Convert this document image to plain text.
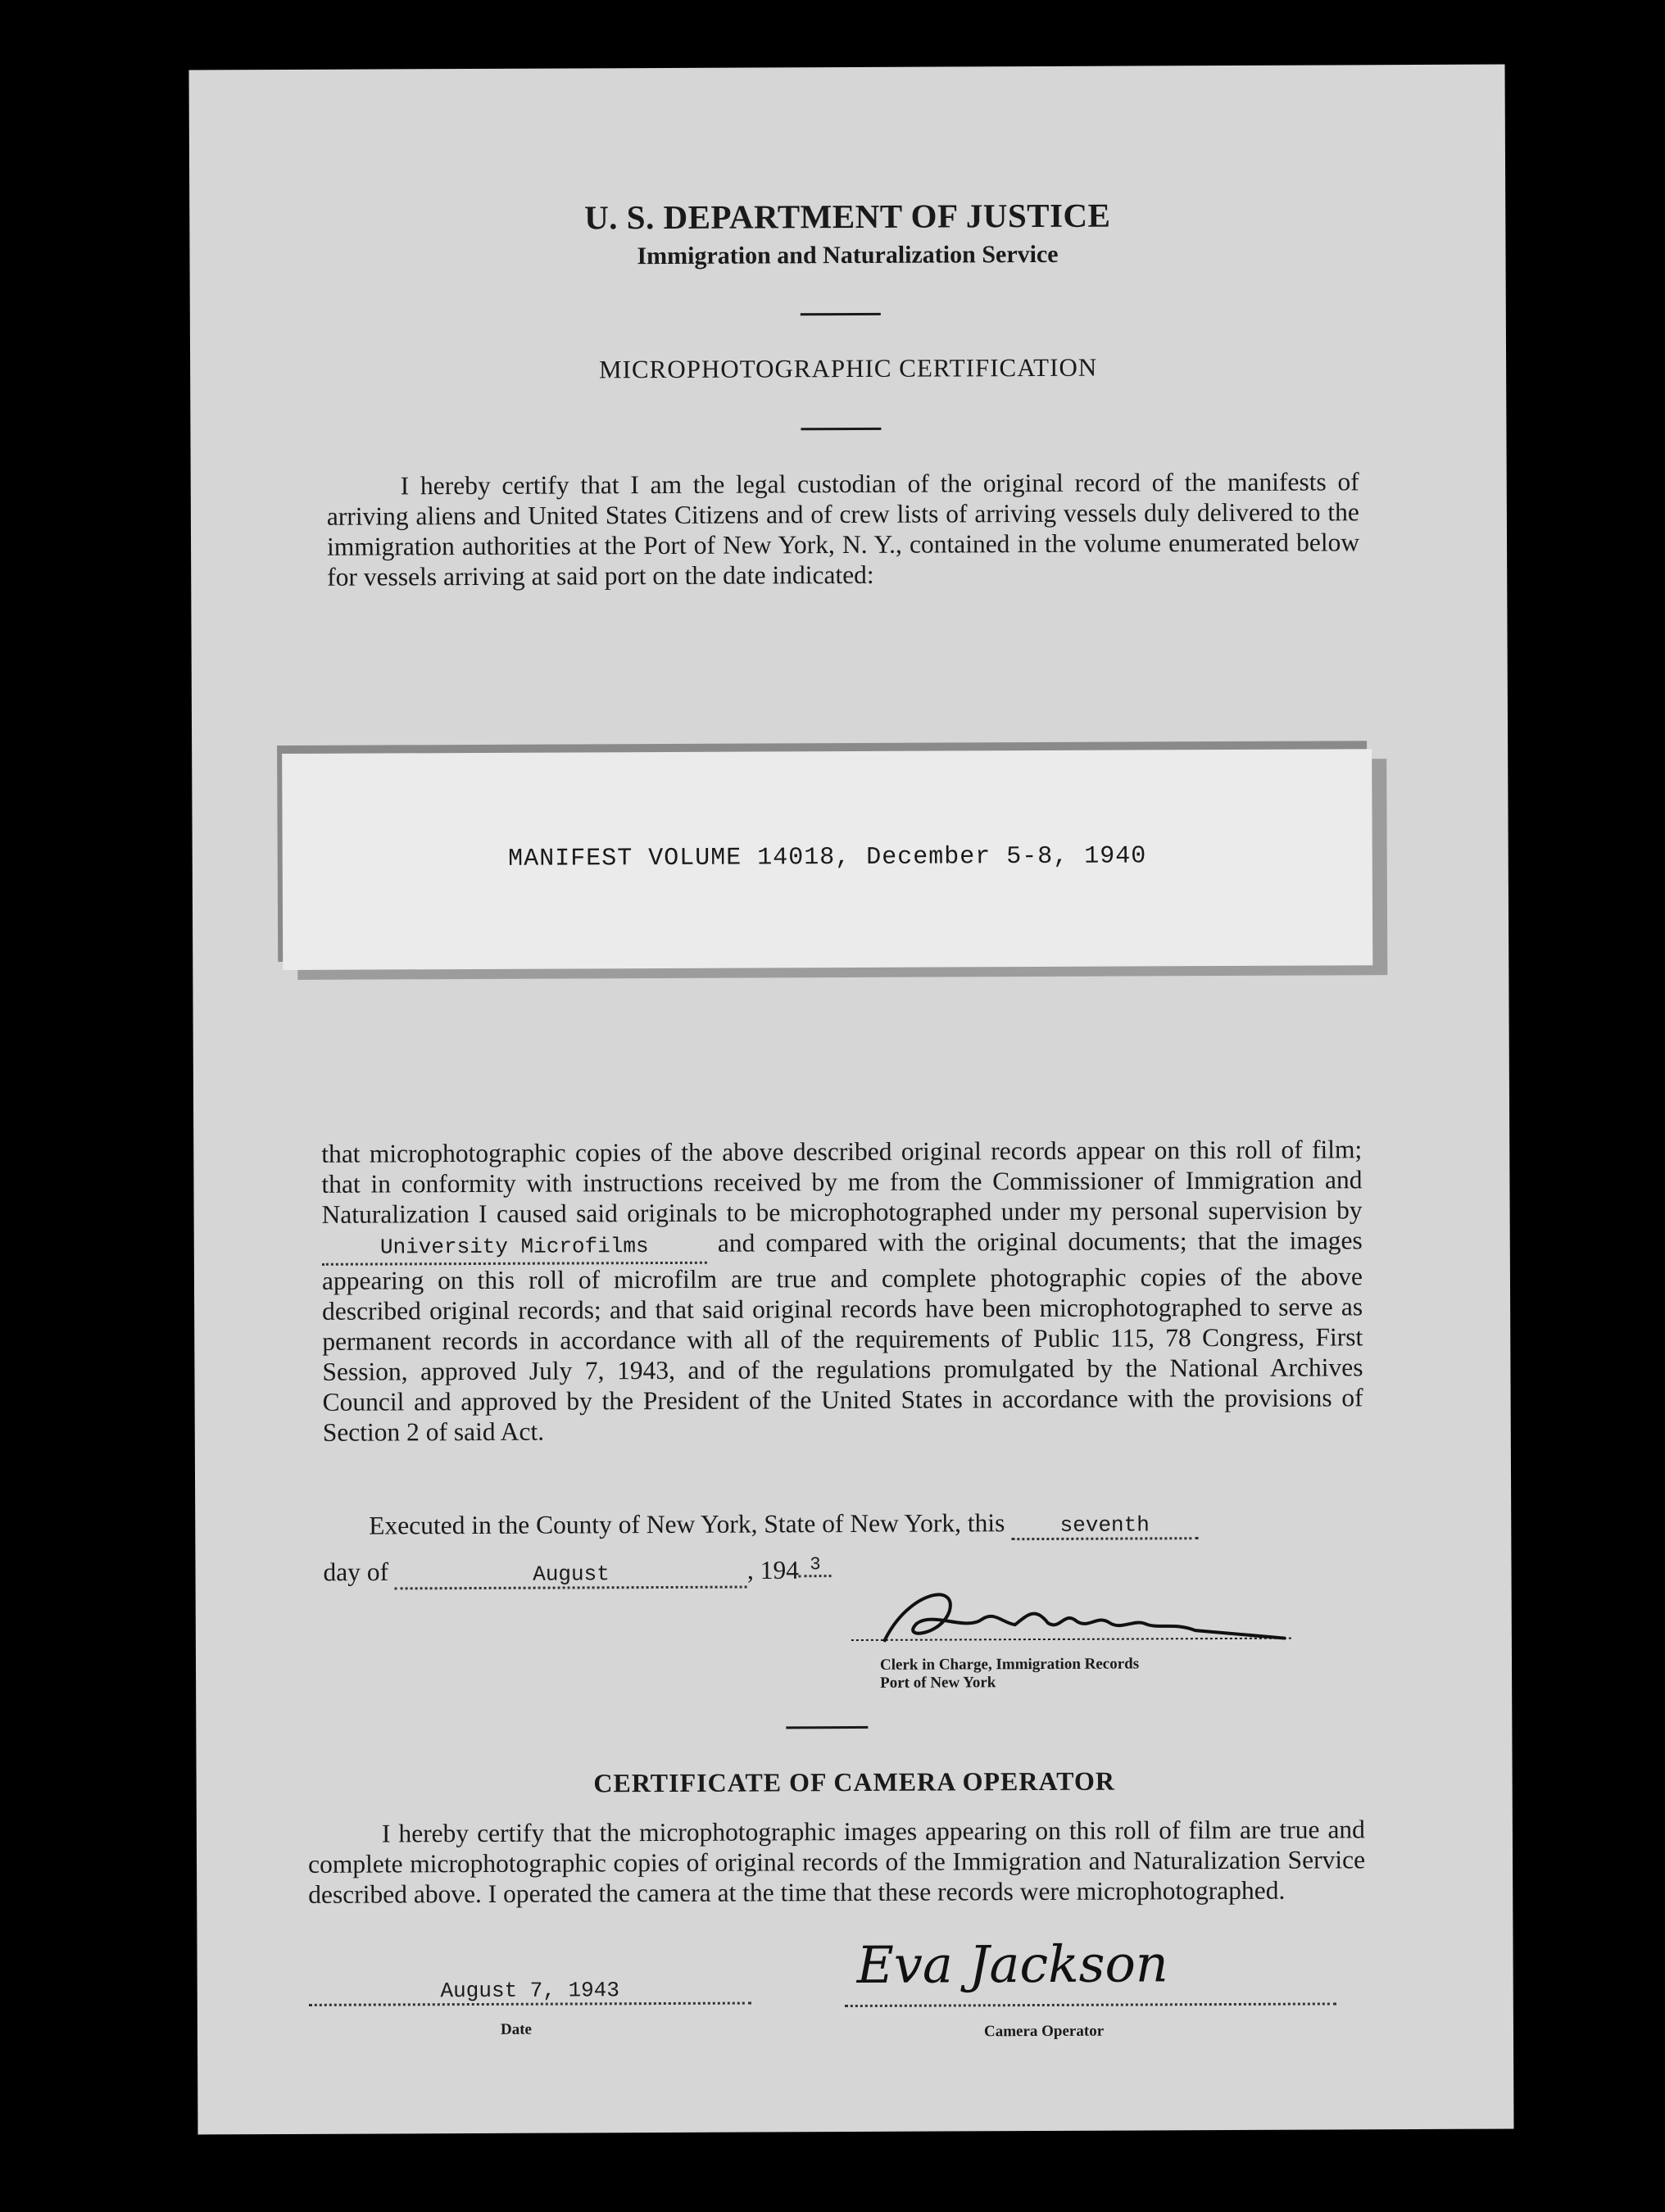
U. S. DEPARTMENT OF JUSTICE
Immigration and Naturalization Service
MICROPHOTOGRAPHIC CERTIFICATION

I hereby certify that I am the legal custodian of the original record of the manifests of arriving aliens and United States Citizens and of crew lists of arriving vessels duly delivered to the immigration authorities at the Port of New York, N. Y., contained in the volume enumerated below for vessels arriving at said port on the date indicated:

MANIFEST VOLUME 14018, December 5-8, 1940
that microphotographic copies of the above described original records appear on this roll of film; that in conformity with instructions received by me from the Commissioner of Immigration and Naturalization I caused said originals to be microphotographed under my personal supervision by University Microfilms	and compared with the original documents; that the images appearing on this roll of microfilm are true and complete photographic copies of the above described original records; and that said original records have been microphotographed to serve as permanent records in accordance with all of the requirements of Public 115, 78 Congress, First Session, approved July 7, 1943, and of the regulations promulgated by the National Archives Council and approved by the President of the United States in accordance with the provisions of Section 2 of said Act.
Executed in the County of New York, State of New York, this	seventh
day of	August	, 194 3
Clerk in Charge, Immigration Records
Port of New York
CERTIFICATE OF CAMERA OPERATOR

I hereby certify that the microphotographic images appearing on this roll of film are true and complete microphotographic copies of original records of the Immigration and Naturalization Service described above. I operated the camera at the time that these records were microphotographed.

August 7, 1943
Date
Eva Jackson
Camera Operator
